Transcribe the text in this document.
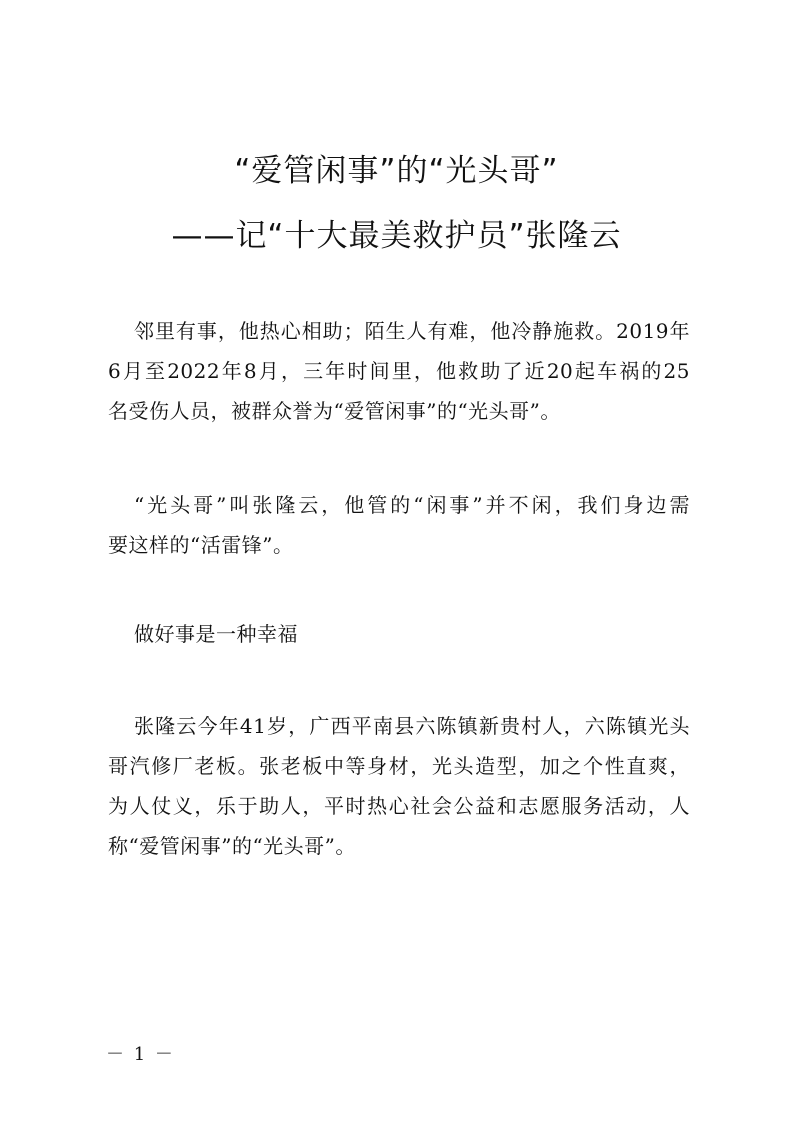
“爱管闲事”的“光头哥”
——记“十大最美救护员”张隆云
邻里有事，他热心相助；陌生人有难，他冷静施救。2019年
6月至2022年8月，三年时间里，他救助了近20起车祸的25
名受伤人员，被群众誉为“爱管闲事”的“光头哥”。
“光头哥”叫张隆云，他管的“闲事”并不闲，我们身边需
要这样的“活雷锋”。
做好事是一种幸福
张隆云今年41岁，广西平南县六陈镇新贵村人，六陈镇光头
哥汽修厂老板。张老板中等身材，光头造型，加之个性直爽，
为人仗义，乐于助人，平时热心社会公益和志愿服务活动，人
称“爱管闲事”的“光头哥”。
－ 1 －
